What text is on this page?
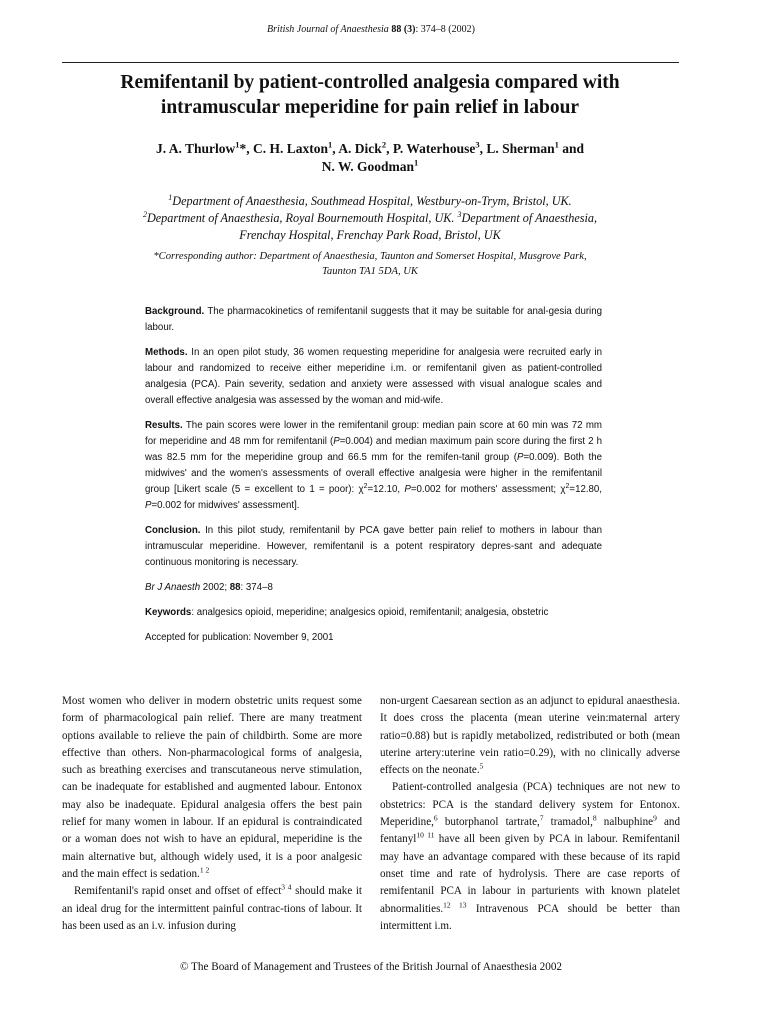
British Journal of Anaesthesia 88 (3): 374–8 (2002)
Remifentanil by patient-controlled analgesia compared with
intramuscular meperidine for pain relief in labour
J. A. Thurlow$^1$*, C. H. Laxton$^1$, A. Dick$^2$, P. Waterhouse$^3$, L. Sherman$^1$ and
N. W. Goodman$^1$
$^1$Department of Anaesthesia, Southmead Hospital, Westbury-on-Trym, Bristol, UK.
$^2$Department of Anaesthesia, Royal Bournemouth Hospital, UK. $^3$Department of Anaesthesia,
Frenchay Hospital, Frenchay Park Road, Bristol, UK
*Corresponding author: Department of Anaesthesia, Taunton and Somerset Hospital, Musgrove Park,
Taunton TA1 5DA, UK

Background. The pharmacokinetics of remifentanil suggests that it may be suitable for anal-gesia during labour.

Methods. In an open pilot study, 36 women requesting meperidine for analgesia were recruited early in labour and randomized to receive either meperidine i.m. or remifentanil given as patient-controlled analgesia (PCA). Pain severity, sedation and anxiety were assessed with visual analogue scales and overall effective analgesia was assessed by the woman and mid-wife.

Results. The pain scores were lower in the remifentanil group: median pain score at 60 min was 72 mm for meperidine and 48 mm for remifentanil (P=0.004) and median maximum pain score during the first 2 h was 82.5 mm for the meperidine group and 66.5 mm for the remifen-tanil group (P=0.009). Both the midwives' and the women's assessments of overall effective analgesia were higher in the remifentanil group [Likert scale (5 = excellent to 1 = poor): $\chi^2=12.10$, P=0.002 for mothers' assessment; $\chi^2=12.80$, P=0.002 for midwives' assessment].

Conclusion. In this pilot study, remifentanil by PCA gave better pain relief to mothers in labour than intramuscular meperidine. However, remifentanil is a potent respiratory depres-sant and adequate continuous monitoring is necessary.

Br J Anaesth 2002; 88: 374–8

Keywords: analgesics opioid, meperidine; analgesics opioid, remifentanil; analgesia, obstetric

Accepted for publication: November 9, 2001

Most women who deliver in modern obstetric units request some form of pharmacological pain relief. There are many treatment options available to relieve the pain of childbirth. Some are more effective than others. Non-pharmacological forms of analgesia, such as breathing exercises and transcutaneous nerve stimulation, can be inadequate for established and augmented labour. Entonox may also be inadequate. Epidural analgesia offers the best pain relief for many women in labour. If an epidural is contraindicated or a woman does not wish to have an epidural, meperidine is the main alternative but, although widely used, it is a poor analgesic and the main effect is sedation.$^{1 2}$

Remifentanil's rapid onset and offset of effect$^{3 4}$ should make it an ideal drug for the intermittent painful contrac-tions of labour. It has been used as an i.v. infusion during

non-urgent Caesarean section as an adjunct to epidural anaesthesia. It does cross the placenta (mean uterine vein:maternal artery ratio=0.88) but is rapidly metabolized, redistributed or both (mean uterine artery:uterine vein ratio=0.29), with no clinically adverse effects on the neonate.$^5$

Patient-controlled analgesia (PCA) techniques are not new to obstetrics: PCA is the standard delivery system for Entonox. Meperidine,$^6$ butorphanol tartrate,$^7$ tramadol,$^8$ nalbuphine$^9$ and fentanyl$^{10 11}$ have all been given by PCA in labour. Remifentanil may have an advantage compared with these because of its rapid onset time and rate of hydrolysis. There are case reports of remifentanil PCA in labour in parturients with known platelet abnormalities.$^{12 13}$ Intravenous PCA should be better than intermittent i.m.

© The Board of Management and Trustees of the British Journal of Anaesthesia 2002
